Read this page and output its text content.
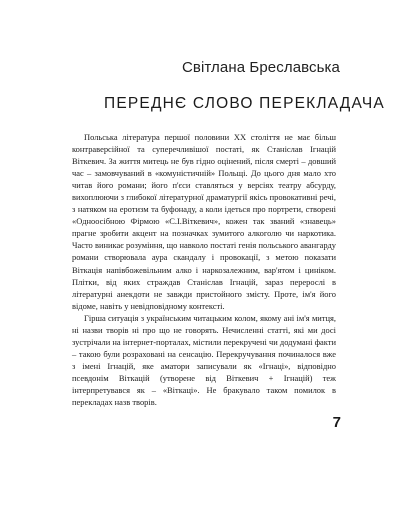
Світлана Бреславська
ПЕРЕДНЄ СЛОВО ПЕРЕКЛАДАЧА

Польська література першої половини XX століття не має більш контраверсійної та суперечливішої постаті, як Станіслав Ігнацій Віткевич. За життя митець не був гідно оцінений, після смерті – довший час – замовчуваний в «комуністичній» Польщі. До цього дня мало хто читав його романи; його п'єси ставляться у версіях театру абсурду, вихоплюючи з глибокої літературної драматургії якісь провокативні речі, з натяком на еротизм та буфонаду, а коли ідеться про портрети, створені «Одноосібною Фірмою «С.І.Віткевич», кожен так званий «знавець» прагне зробити акцент на позначках зумитого алкоголю чи наркотика. Часто виникає розуміння, що навколо постаті генія польського авангарду романи створювала аура скандалу і провокації, з метою показати Віткація напівбожевільним алко і наркозалежним, вар'ятом і циніком. Плітки, від яких страждав Станіслав Ігнацій, зараз перерослі в літературні анекдоти не завжди пристойного змісту. Проте, ім'я його відоме, навіть у невідповідному контексті.

Гірша ситуація з українським читацьким колом, якому ані ім'я митця, ні назви творів ні про що не говорять. Нечисленні статті, які ми досі зустрічали на інтернет-порталах, містили перекручені чи додумані факти – такою були розраховані на сенсацію. Перекручування починалося вже з імені Ігнацій, яке аматори записували як «Ігнаці», відповідно псевдонім Віткацій (утворене від Віткевич + Ігнацій) теж інтерпретувався як – «Віткаці». Не бракувало таком помилок в перекладах назв творів.

7
